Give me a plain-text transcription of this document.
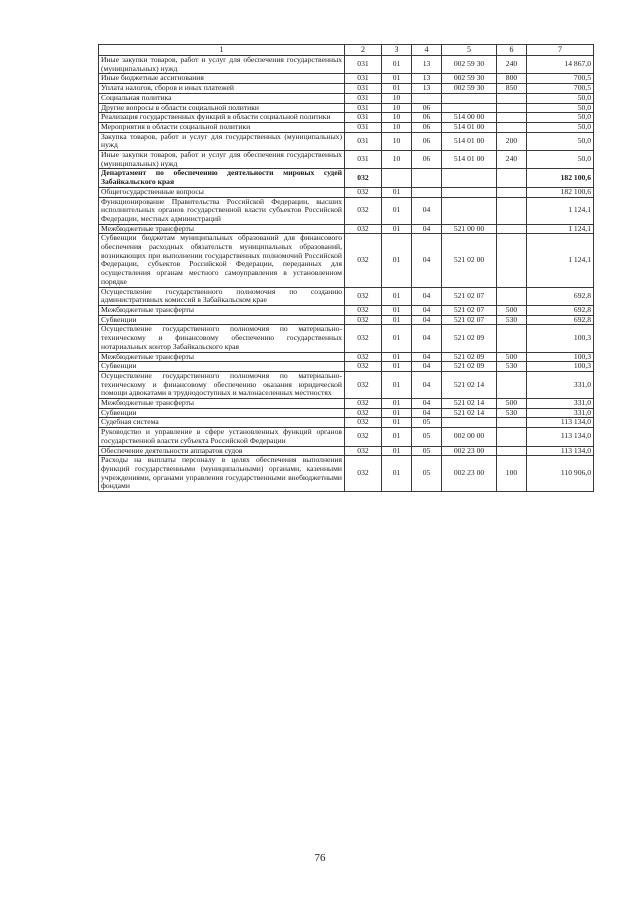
1	2	3	4	5	6	7
Иные закупки товаров, работ и услуг для обеспечения государственных (муниципальных) нужд	031	01	13	002 59 30	240	14 867,0
Иные бюджетные ассигнования	031	01	13	002 59 30	800	700,5
Уплата налогов, сборов и иных платежей	031	01	13	002 59 30	850	700,5
Социальная политика	031	10				50,0
Другие вопросы в области социальной политики	031	10	06			50,0
Реализация государственных функций в области социальной политики	031	10	06	514 00 00		50,0
Мероприятия в области социальной политики	031	10	06	514 01 00		50,0
Закупка товаров, работ и услуг для государственных (муниципальных) нужд	031	10	06	514 01 00	200	50,0
Иные закупки товаров, работ и услуг для обеспечения государственных (муниципальных) нужд	031	10	06	514 01 00	240	50,0
Департамент по обеспечению деятельности мировых судей Забайкальского края	032					182 100,6
Общегосударственные вопросы	032	01				182 100,6
Функционирование Правительства Российской Федерации, высших исполнительных органов государственной власти субъектов Российской Федерации, местных администраций	032	01	04			1 124,1
Межбюджетные трансферты	032	01	04	521 00 00		1 124,1
Субвенции бюджетам муниципальных образований для финансового обеспечения расходных обязательств муниципальных образований, возникающих при выполнении государственных полномочий Российской Федерации, субъектов Российской Федерации, переданных для осуществления органам местного самоуправления в установленном порядке	032	01	04	521 02 00		1 124,1
Осуществление государственного полномочия по созданию административных комиссий в Забайкальском крае	032	01	04	521 02 07		692,8
Межбюджетные трансферты	032	01	04	521 02 07	500	692,8
Субвенции	032	01	04	521 02 07	530	692,8
Осуществление государственного полномочия по материально-техническому и финансовому обеспечению государственных нотариальных контор Забайкальского края	032	01	04	521 02 09		100,3
Межбюджетные трансферты	032	01	04	521 02 09	500	100,3
Субвенции	032	01	04	521 02 09	530	100,3
Осуществление государственного полномочия по материально-техническому и финансовому обеспечению оказания юридической помощи адвокатами в труднодоступных и малонаселенных местностях	032	01	04	521 02 14		331,0
Межбюджетные трансферты	032	01	04	521 02 14	500	331,0
Субвенции	032	01	04	521 02 14	530	331,0
Судебная система	032	01	05			113 134,0
Руководство и управление в сфере установленных функций органов государственной власти субъекта Российской Федерации	032	01	05	002 00 00		113 134,0
Обеспечение деятельности аппаратов судов	032	01	05	002 23 00		113 134,0
Расходы на выплаты персоналу в целях обеспечения выполнения функций государственными (муниципальными) органами, казенными учреждениями, органами управления государственными внебюджетными фондами	032	01	05	002 23 00	100	110 906,0
76
